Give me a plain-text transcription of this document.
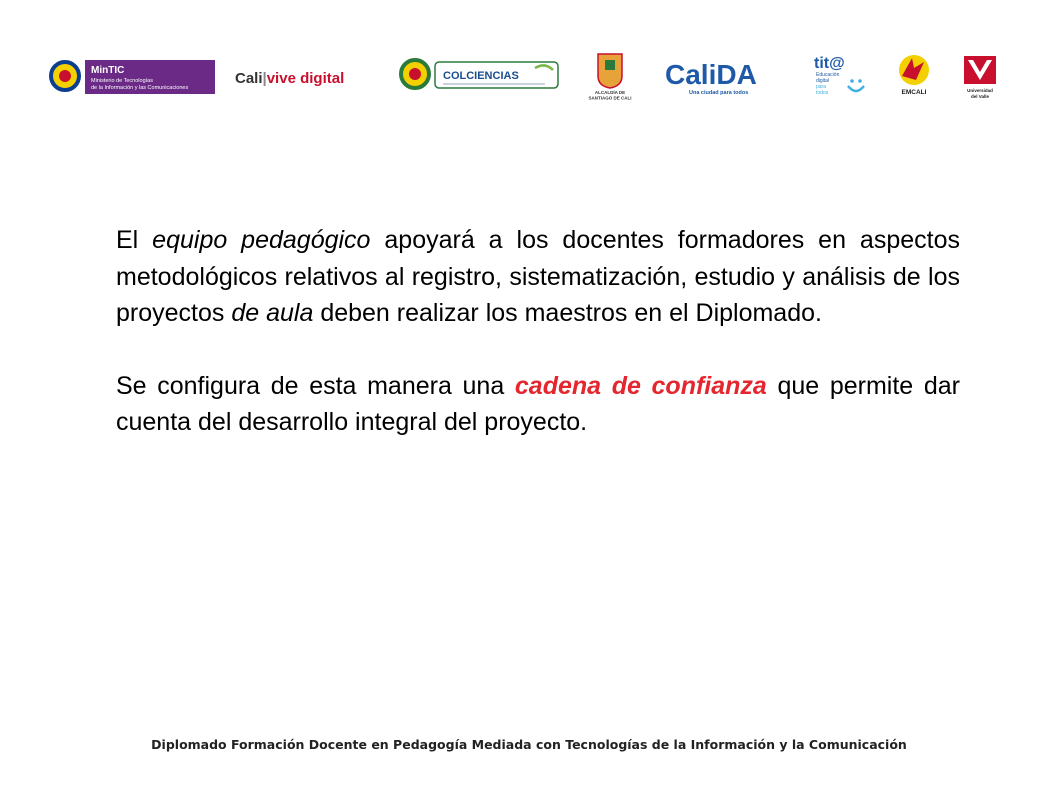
MinTIC
Ministerio de Tecnologías
de la Información y las Comunicaciones
Cali|vive digital	COLCIENCIAS
ALCALDÍA DE
SANTIAGO DE CALI
CaliDA
Una ciudad para todos
tit@
Educación
digital
para
todos	EMCALI	Universidad
del Valle

El equipo pedagógico apoyará a los docentes formadores en aspectos metodológicos relativos al registro, sistematización, estudio y análisis de los proyectos de aula deben realizar los maestros en el Diplomado.

Se configura de esta manera una cadena de confianza que permite dar cuenta del desarrollo integral del proyecto.

Diplomado Formación Docente en Pedagogía Mediada con Tecnologías de la Información y la Comunicación
